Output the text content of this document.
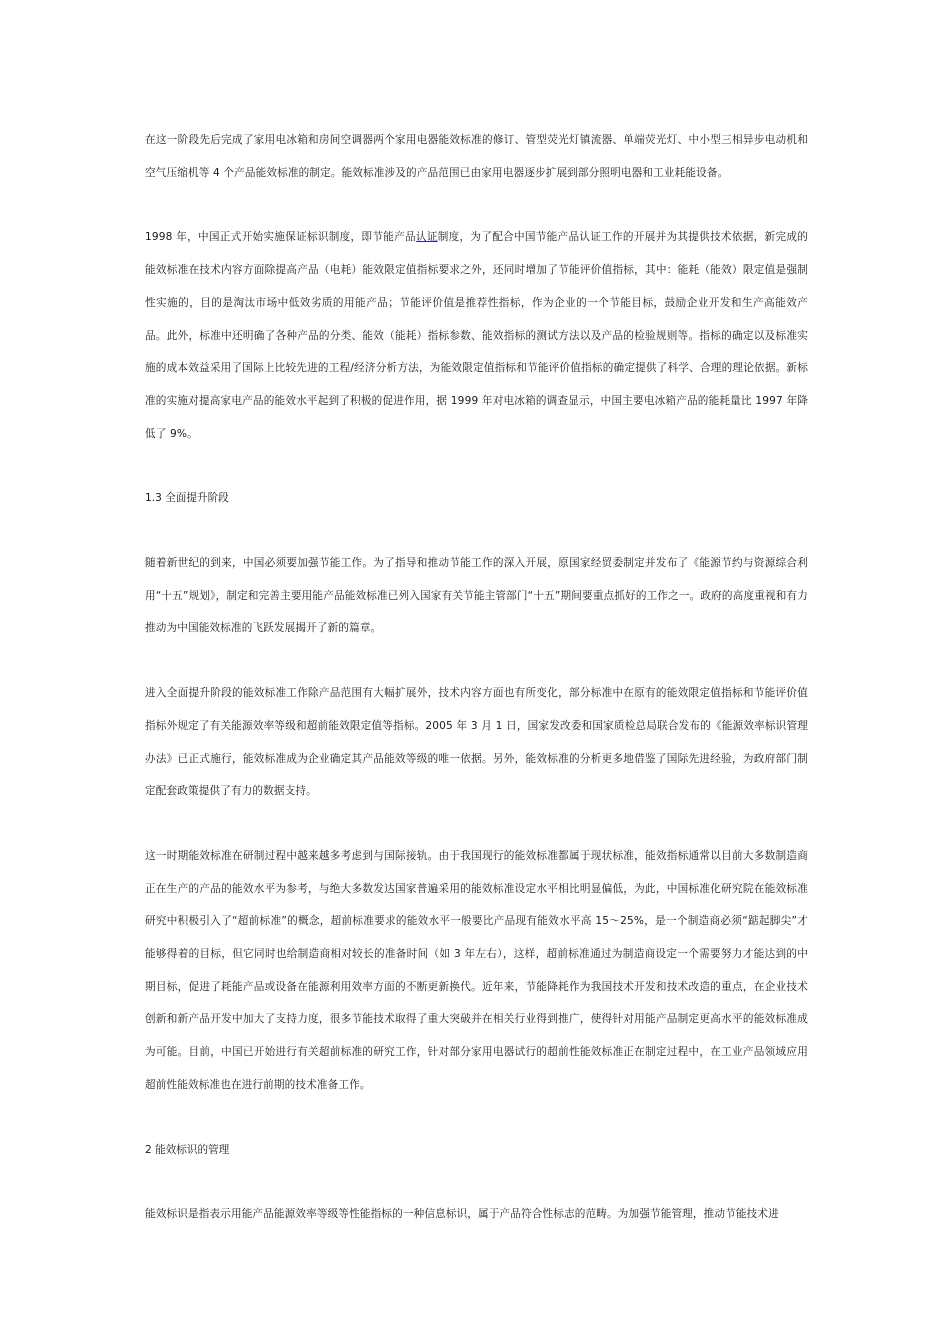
在这一阶段先后完成了家用电冰箱和房间空调器两个家用电器能效标准的修订、管型荧光灯镇流器、单端荧光灯、中小型三相异步电动机和空气压缩机等 4 个产品能效标准的制定。能效标准涉及的产品范围已由家用电器逐步扩展到部分照明电器和工业耗能设备。

1998 年，中国正式开始实施保证标识制度，即节能产品认证制度，为了配合中国节能产品认证工作的开展并为其提供技术依据，新完成的能效标准在技术内容方面除提高产品（电耗）能效限定值指标要求之外，还同时增加了节能评价值指标，其中：能耗（能效）限定值是强制性实施的，目的是淘汰市场中低效劣质的用能产品；节能评价值是推荐性指标，作为企业的一个节能目标，鼓励企业开发和生产高能效产品。此外，标准中还明确了各种产品的分类、能效（能耗）指标参数、能效指标的测试方法以及产品的检验规则等。指标的确定以及标准实施的成本效益采用了国际上比较先进的工程/经济分析方法，为能效限定值指标和节能评价值指标的确定提供了科学、合理的理论依据。新标准的实施对提高家电产品的能效水平起到了积极的促进作用，据 1999 年对电冰箱的调查显示，中国主要电冰箱产品的能耗量比 1997 年降低了 9%。

1.3 全面提升阶段

随着新世纪的到来，中国必须要加强节能工作。为了指导和推动节能工作的深入开展，原国家经贸委制定并发布了《能源节约与资源综合利用“十五”规划》，制定和完善主要用能产品能效标准已列入国家有关节能主管部门“十五”期间要重点抓好的工作之一。政府的高度重视和有力推动为中国能效标准的飞跃发展揭开了新的篇章。

进入全面提升阶段的能效标准工作除产品范围有大幅扩展外，技术内容方面也有所变化，部分标准中在原有的能效限定值指标和节能评价值指标外规定了有关能源效率等级和超前能效限定值等指标。2005 年 3 月 1 日，国家发改委和国家质检总局联合发布的《能源效率标识管理办法》已正式施行，能效标准成为企业确定其产品能效等级的唯一依据。另外，能效标准的分析更多地借鉴了国际先进经验，为政府部门制定配套政策提供了有力的数据支持。

这一时期能效标准在研制过程中越来越多考虑到与国际接轨。由于我国现行的能效标准都属于现状标准，能效指标通常以目前大多数制造商正在生产的产品的能效水平为参考，与绝大多数发达国家普遍采用的能效标准设定水平相比明显偏低，为此，中国标准化研究院在能效标准研究中积极引入了“超前标准”的概念，超前标准要求的能效水平一般要比产品现有能效水平高 15～25%，是一个制造商必须“踮起脚尖”才能够得着的目标，但它同时也给制造商相对较长的准备时间（如 3 年左右），这样，超前标准通过为制造商设定一个需要努力才能达到的中期目标，促进了耗能产品或设备在能源利用效率方面的不断更新换代。近年来，节能降耗作为我国技术开发和技术改造的重点，在企业技术创新和新产品开发中加大了支持力度，很多节能技术取得了重大突破并在相关行业得到推广，使得针对用能产品制定更高水平的能效标准成为可能。目前，中国已开始进行有关超前标准的研究工作，针对部分家用电器试行的超前性能效标准正在制定过程中，在工业产品领域应用超前性能效标准也在进行前期的技术准备工作。

2 能效标识的管理

能效标识是指表示用能产品能源效率等级等性能指标的一种信息标识，属于产品符合性标志的范畴。为加强节能管理，推动节能技术进
